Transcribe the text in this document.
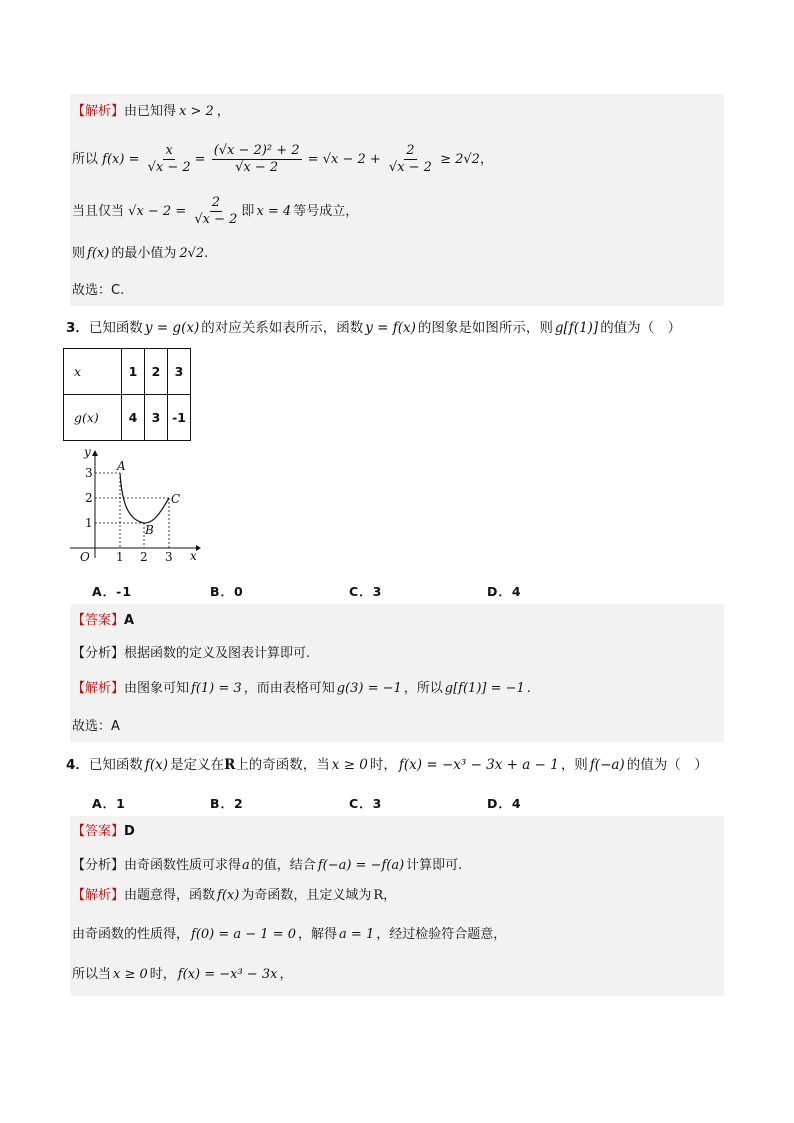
【解析】由已知得 x > 2 ，
所以 $f(x) = \frac{x}{√x - 2} = \frac{\text{(√x − 2)² + 2}}{√x - 2} = √x - 2 + \frac{2}{√x - 2} \ge 2√2$，
当且仅当 $√x - 2 = \frac{2}{√x - 2}$ 即 x = 4 等号成立，
则 f(x) 的最小值为 2√2.
故选：C.
3．已知函数 y = g(x) 的对应关系如表所示，函数 y = f(x) 的图象是如图所示，则 g[f(1)] 的值为（　）
x	1	2	3
g(x)	4	3	-1
y
x
O
3
2
1
1 2 3
A
B
C
A．-1	B．0	C．3	D．4
【答案】A
【分析】根据函数的定义及图表计算即可.
【解析】由图象可知 f(1) = 3 ，而由表格可知 g(3) = −1 ，所以 g[f(1)] = −1 .
故选：A
4．已知函数 f(x) 是定义在R上的奇函数，当 x ≥ 0 时， f(x) = −x³ − 3x + a − 1 ，则 f(−a) 的值为（　）
A．1	B．2	C．3	D．4
【答案】D
【分析】由奇函数性质可求得a的值，结合 f(−a) = −f(a) 计算即可.
【解析】由题意得，函数 f(x) 为奇函数，且定义域为 R，
由奇函数的性质得， f(0) = a − 1 = 0 ，解得 a = 1 ，经过检验符合题意，
所以当 x ≥ 0 时， f(x) = −x³ − 3x ，
